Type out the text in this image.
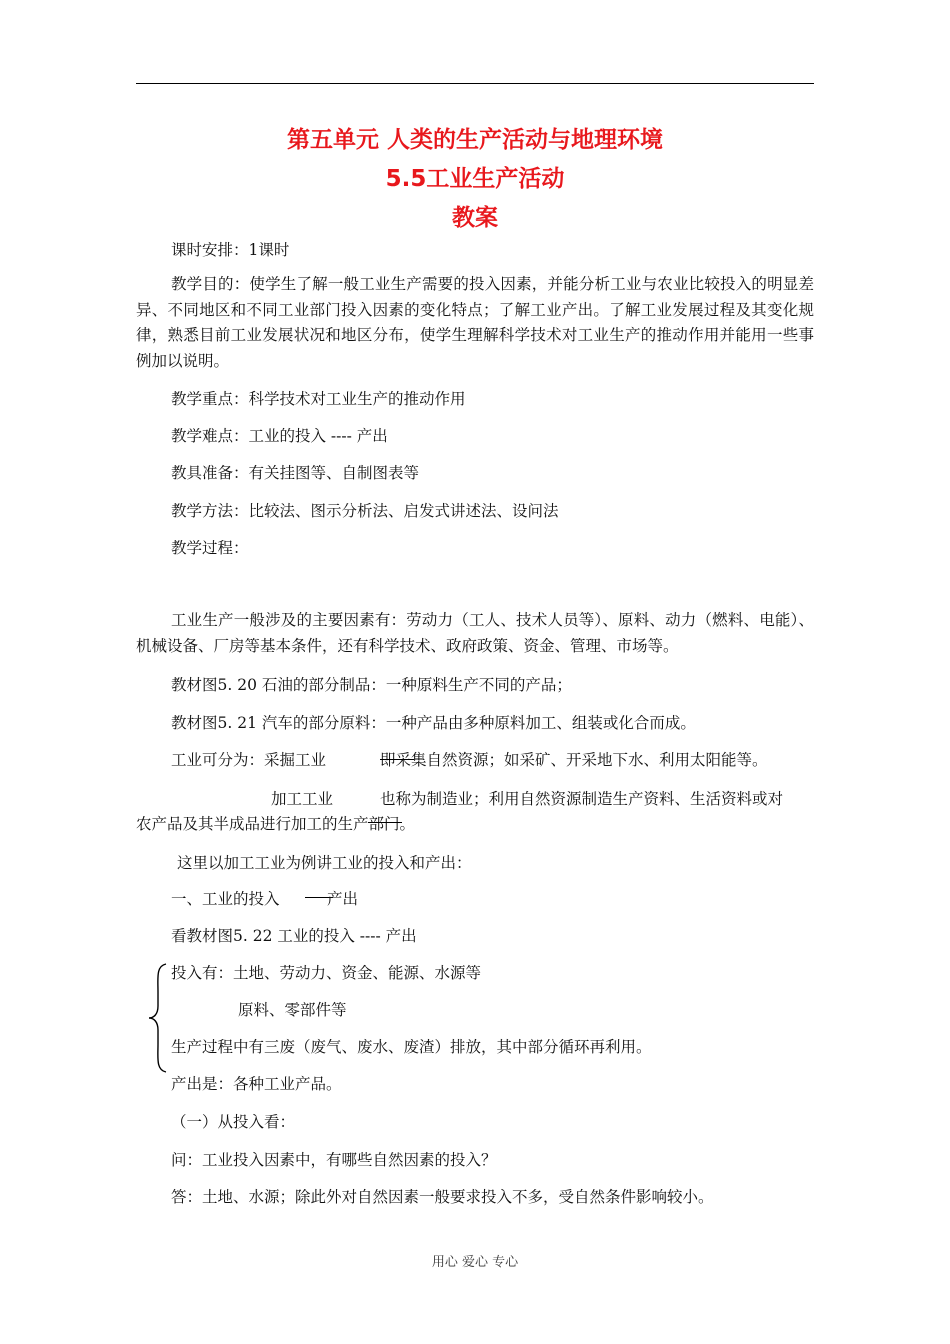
第五单元 人类的生产活动与地理环境
5.5工业生产活动
教案
课时安排：1课时
教学目的：使学生了解一般工业生产需要的投入因素，并能分析工业与农业比较投入的明显差异、不同地区和不同工业部门投入因素的变化特点；了解工业产出。了解工业发展过程及其变化规律，熟悉目前工业发展状况和地区分布，使学生理解科学技术对工业生产的推动作用并能用一些事例加以说明。
教学重点：科学技术对工业生产的推动作用
教学难点：工业的投入 ---- 产出
教具准备：有关挂图等、自制图表等
教学方法：比较法、图示分析法、启发式讲述法、设问法
教学过程：
工业生产一般涉及的主要因素有：劳动力（工人、技术人员等）、原料、动力（燃料、电能）、机械设备、厂房等基本条件，还有科学技术、政府政策、资金、管理、市场等。
教材图5. 20 石油的部分制品：一种原料生产不同的产品；
教材图5. 21 汽车的部分原料：一种产品由多种原料加工、组装或化合而成。
工业可分为：采掘工业	即采集自然资源；如采矿、开采地下水、利用太阳能等。
加工工业	也称为制造业；利用自然资源制造生产资料、生活资料或对
农产品及其半成品进行加工的生产部门。
这里以加工工业为例讲工业的投入和产出：
一、工业的投入	产出
看教材图5. 22 工业的投入 ---- 产出
投入有：土地、劳动力、资金、能源、水源等
原料、零部件等
生产过程中有三废（废气、废水、废渣）排放，其中部分循环再利用。
产出是：各种工业产品。
（一）从投入看：
问：工业投入因素中，有哪些自然因素的投入？
答：土地、水源；除此外对自然因素一般要求投入不多，受自然条件影响较小。
用心 爱心 专心
